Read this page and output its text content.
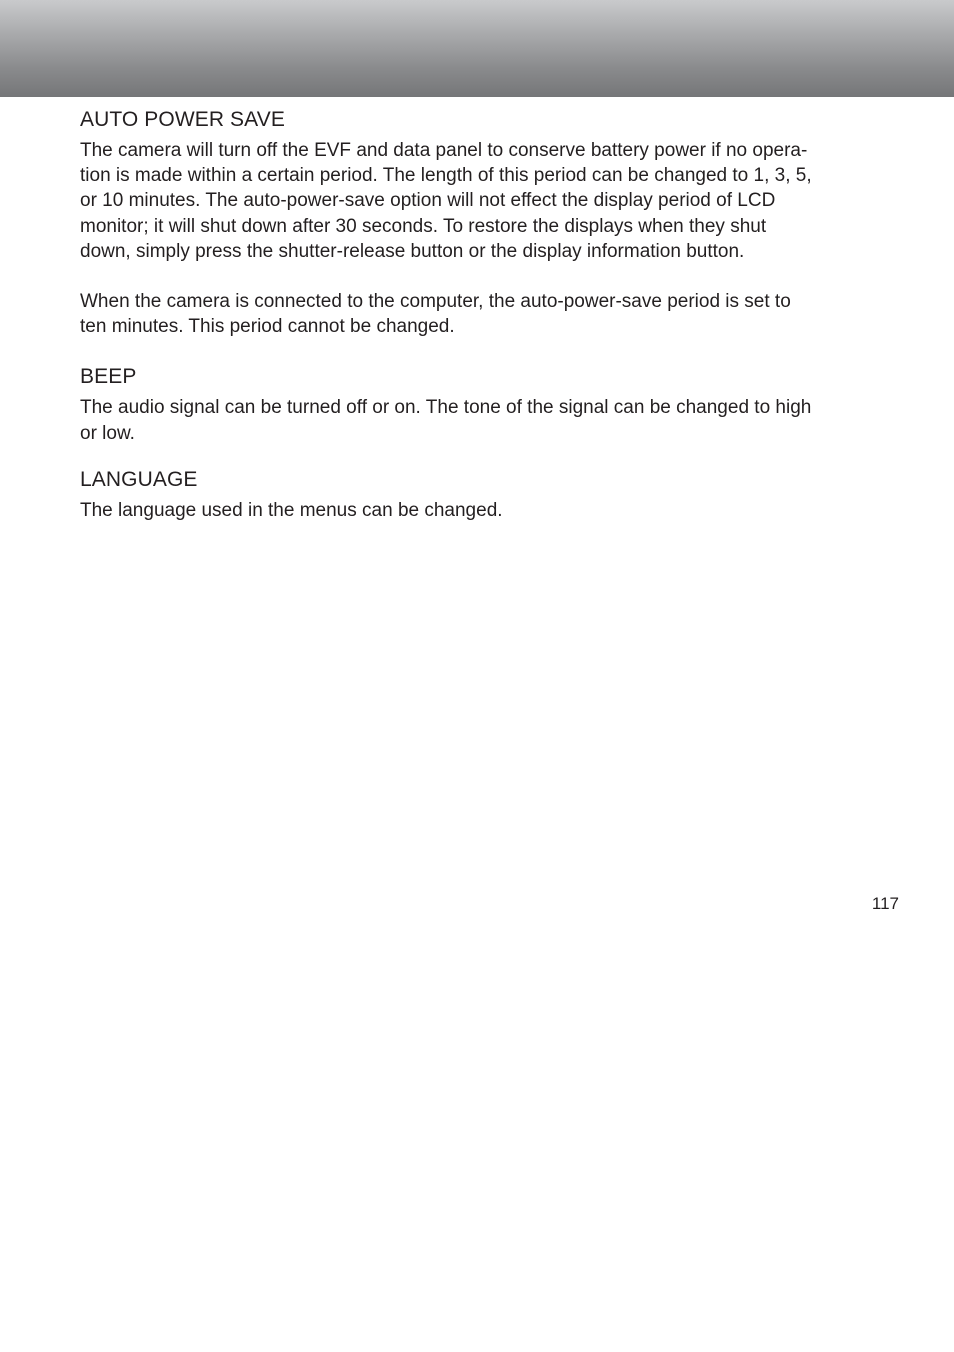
AUTO POWER SAVE

The camera will turn off the EVF and data panel to conserve battery power if no opera-
tion is made within a certain period. The length of this period can be changed to 1, 3, 5,
or 10 minutes. The auto-power-save option will not effect the display period of LCD
monitor; it will shut down after 30 seconds. To restore the displays when they shut
down, simply press the shutter-release button or the display information button.

When the camera is connected to the computer, the auto-power-save period is set to
ten minutes. This period cannot be changed.

BEEP

The audio signal can be turned off or on. The tone of the signal can be changed to high
or low.

LANGUAGE

The language used in the menus can be changed.

117
